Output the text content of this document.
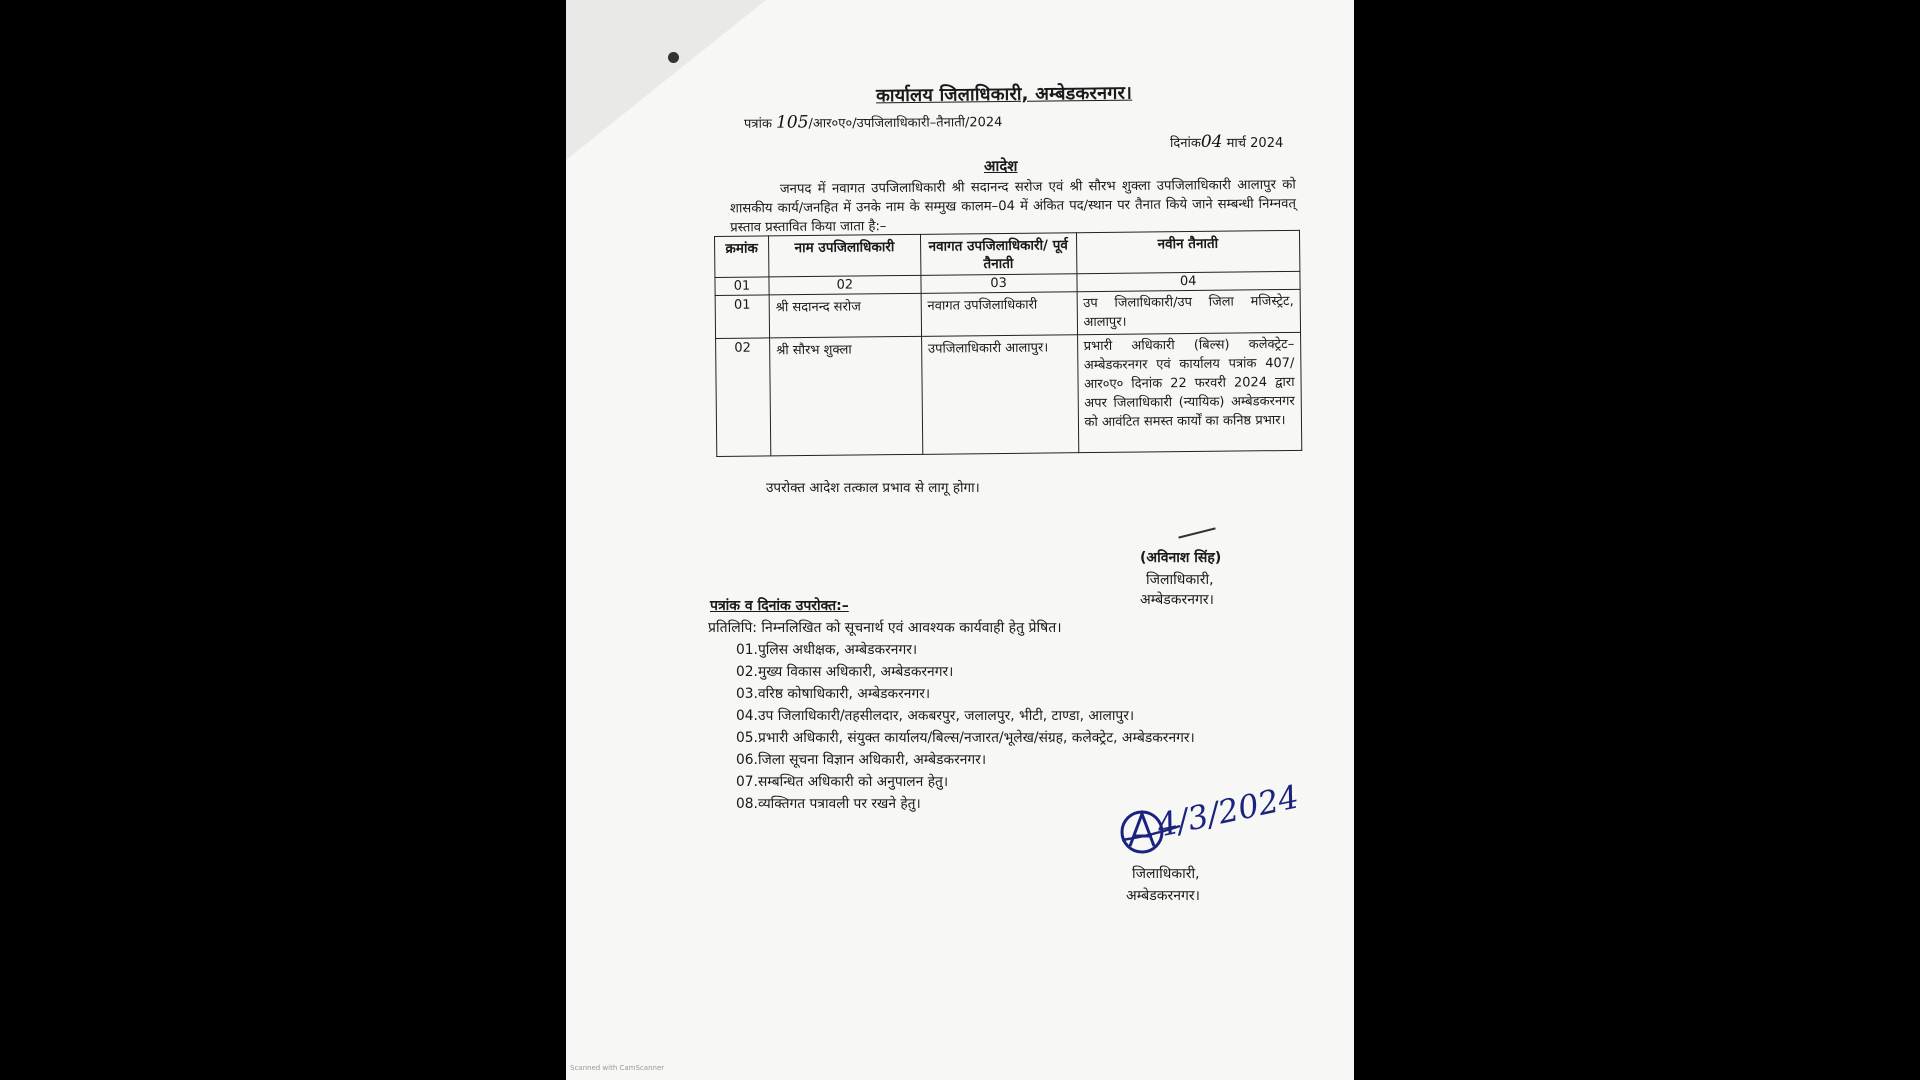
कार्यालय जिलाधिकारी, अम्बेडकरनगर।
पत्रांक 105/आर०ए०/उपजिलाधिकारी–तैनाती/2024
दिनांक04 मार्च 2024
आदेश
जनपद में नवागत उपजिलाधिकारी श्री सदानन्द सरोज एवं श्री सौरभ शुक्ला उपजिलाधिकारी आलापुर को शासकीय कार्य/जनहित में उनके नाम के सम्मुख कालम–04 में अंकित पद/स्थान पर तैनात किये जाने सम्बन्धी निम्नवत् प्रस्ताव प्रस्तावित किया जाता है:–
क्रमांक	नाम उपजिलाधिकारी	नवागत उपजिलाधिकारी/ पूर्व तैनाती	नवीन तैनाती
01	02	03	04
01	श्री सदानन्द सरोज	नवागत उपजिलाधिकारी	उप जिलाधिकारी/उप जिला मजिस्ट्रेट, आलापुर।
02	श्री सौरभ शुक्ला	उपजिलाधिकारी आलापुर।	प्रभारी अधिकारी (बिल्स) कलेक्ट्रेट–अम्बेडकरनगर एवं कार्यालय पत्रांक 407/आर०ए० दिनांक 22 फरवरी 2024 द्वारा अपर जिलाधिकारी (न्यायिक) अम्बेडकरनगर को आवंटित समस्त कार्यों का कनिष्ठ प्रभार।
उपरोक्त आदेश तत्काल प्रभाव से लागू होगा।
(अविनाश सिंह)
जिलाधिकारी,
अम्बेडकरनगर।
पत्रांक व दिनांक उपरोक्त:–
प्रतिलिपि: निम्नलिखित को सूचनार्थ एवं आवश्यक कार्यवाही हेतु प्रेषित।
01.पुलिस अधीक्षक, अम्बेडकरनगर।
02.मुख्य विकास अधिकारी, अम्बेडकरनगर।
03.वरिष्ठ कोषाधिकारी, अम्बेडकरनगर।
04.उप जिलाधिकारी/तहसीलदार, अकबरपुर, जलालपुर, भीटी, टाण्डा, आलापुर।
05.प्रभारी अधिकारी, संयुक्त कार्यालय/बिल्स/नजारत/भूलेख/संग्रह, कलेक्ट्रेट, अम्बेडकरनगर।
06.जिला सूचना विज्ञान अधिकारी, अम्बेडकरनगर।
07.सम्बन्धित अधिकारी को अनुपालन हेतु।
08.व्यक्तिगत पत्रावली पर रखने हेतु।	4/3/2024
जिलाधिकारी,
अम्बेडकरनगर।
Scanned with CamScanner
